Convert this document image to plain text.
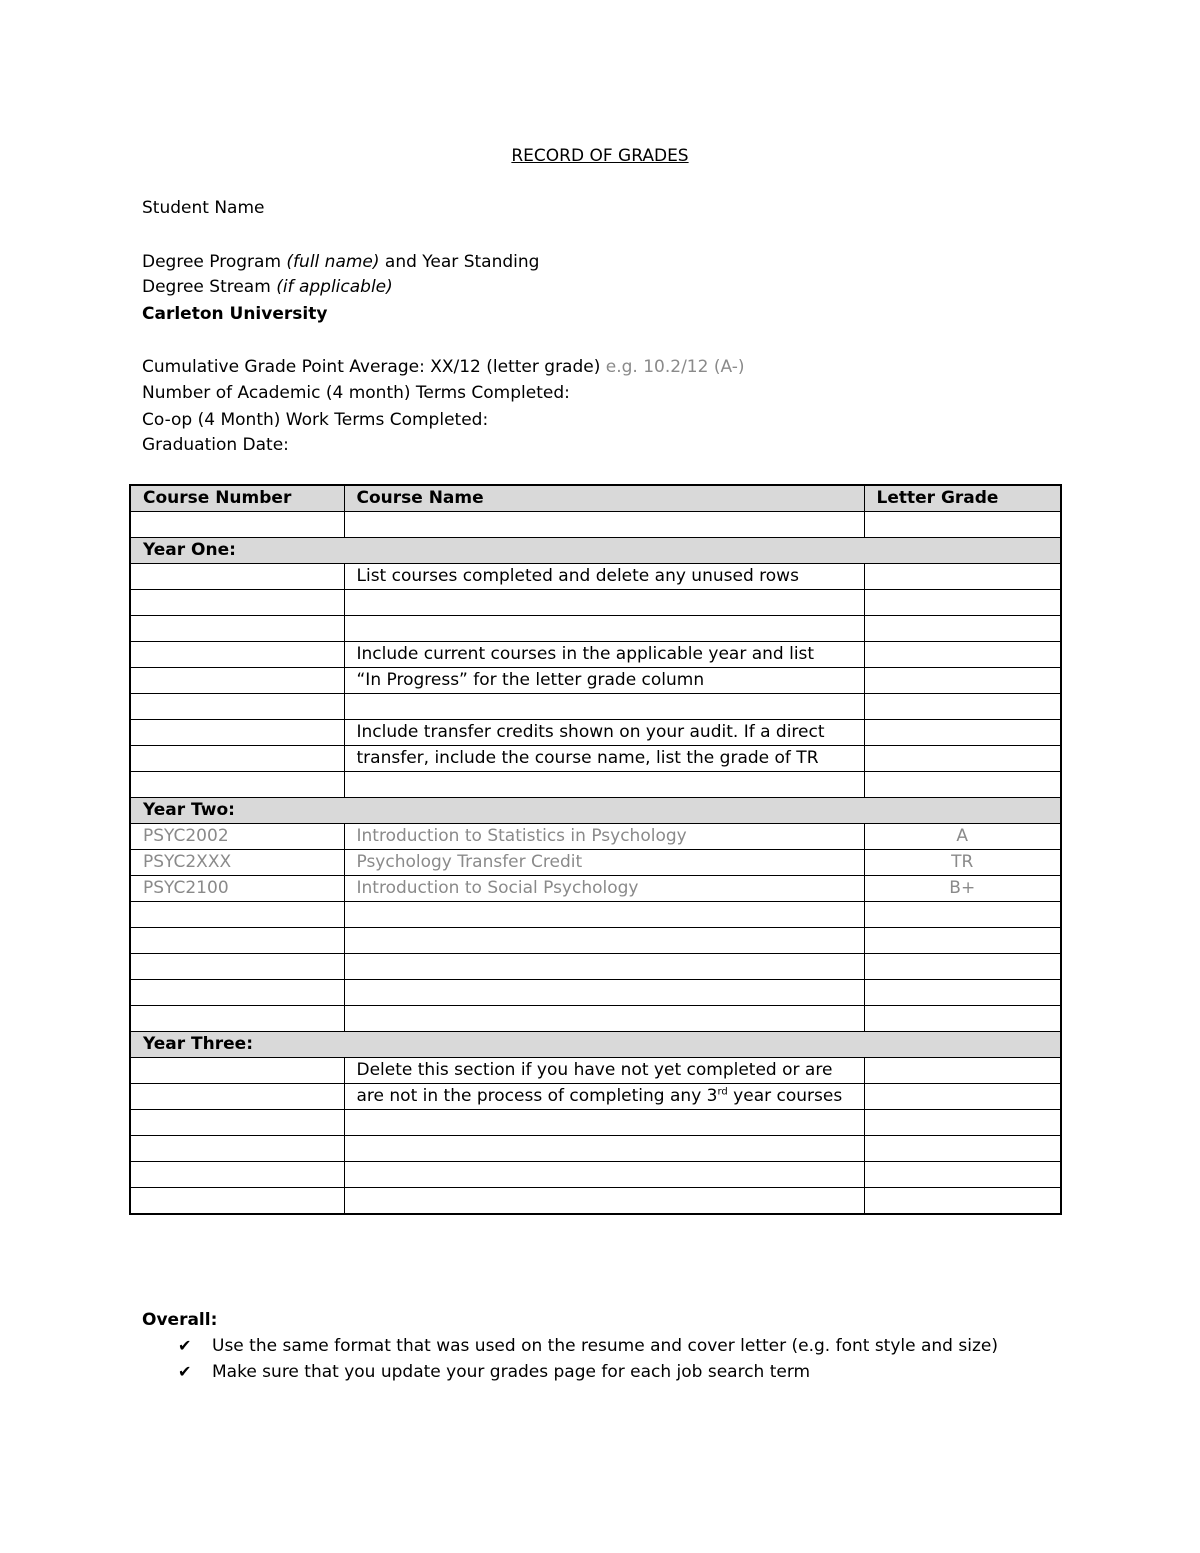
RECORD OF GRADES
Student Name
Degree Program (full name) and Year Standing
Degree Stream (if applicable)
Carleton University
Cumulative Grade Point Average: XX/12 (letter grade) e.g. 10.2/12 (A-)
Number of Academic (4 month) Terms Completed:
Co-op (4 Month) Work Terms Completed:
Graduation Date:
Course Number	Course Name	Letter Grade

Year One:		
	List courses completed and delete any unused rows	

	Include current courses in the applicable year and list	
	“In Progress” for the letter grade column	

	Include transfer credits shown on your audit. If a direct	
	transfer, include the course name, list the grade of TR	

Year Two:		
PSYC2002	Introduction to Statistics in Psychology	A
PSYC2XXX	Psychology Transfer Credit	TR
PSYC2100	Introduction to Social Psychology	B+

Year Three:		
	Delete this section if you have not yet completed or are	
	are not in the process of completing any 3rd year courses	

Overall:
✔ Use the same format that was used on the resume and cover letter (e.g. font style and size)
✔ Make sure that you update your grades page for each job search term
